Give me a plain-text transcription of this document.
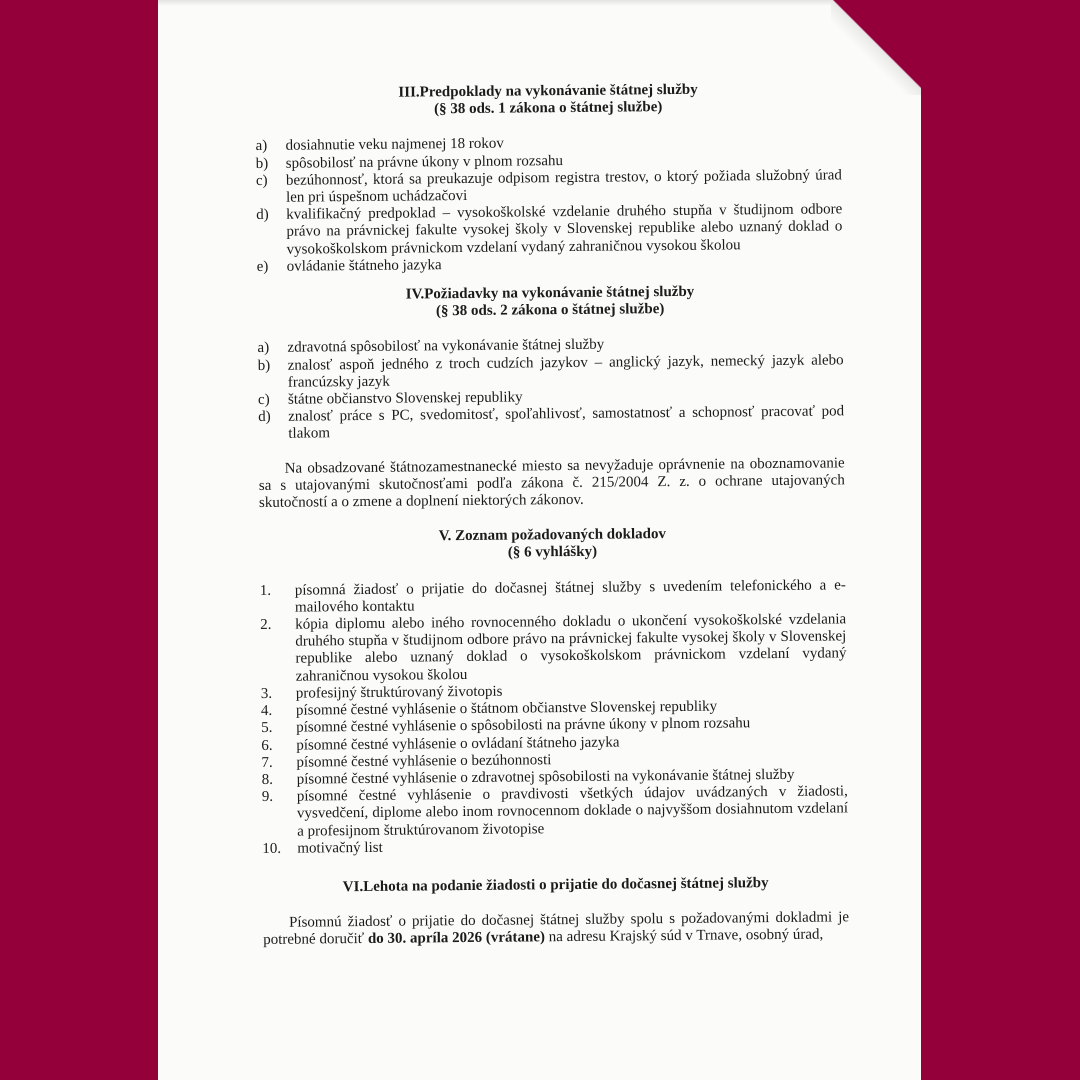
III.Predpoklady na vykonávanie štátnej služby
(§ 38 ods. 1 zákona o štátnej službe)
a) dosiahnutie veku najmenej 18 rokov
b) spôsobilosť na právne úkony v plnom rozsahu
c) bezúhonnosť, ktorá sa preukazuje odpisom registra trestov, o ktorý požiada služobný úrad len pri úspešnom uchádzačovi
d) kvalifikačný predpoklad – vysokoškolské vzdelanie druhého stupňa v študijnom odbore právo na právnickej fakulte vysokej školy v Slovenskej republike alebo uznaný doklad o vysokoškolskom právnickom vzdelaní vydaný zahraničnou vysokou školou
e) ovládanie štátneho jazyka
IV.Požiadavky na vykonávanie štátnej služby
(§ 38 ods. 2 zákona o štátnej službe)
a) zdravotná spôsobilosť na vykonávanie štátnej služby
b) znalosť aspoň jedného z troch cudzích jazykov – anglický jazyk, nemecký jazyk alebo francúzsky jazyk
c) štátne občianstvo Slovenskej republiky
d) znalosť práce s PC, svedomitosť, spoľahlivosť, samostatnosť a schopnosť pracovať pod tlakom
Na obsadzované štátnozamestnanecké miesto sa nevyžaduje oprávnenie na oboznamovanie sa s utajovanými skutočnosťami podľa zákona č. 215/2004 Z. z. o ochrane utajovaných skutočností a o zmene a doplnení niektorých zákonov.
V. Zoznam požadovaných dokladov
(§ 6 vyhlášky)
1. písomná žiadosť o prijatie do dočasnej štátnej služby s uvedením telefonického a e-mailového kontaktu
2. kópia diplomu alebo iného rovnocenného dokladu o ukončení vysokoškolské vzdelania druhého stupňa v študijnom odbore právo na právnickej fakulte vysokej školy v Slovenskej republike alebo uznaný doklad o vysokoškolskom právnickom vzdelaní vydaný zahraničnou vysokou školou
3. profesijný štruktúrovaný životopis
4. písomné čestné vyhlásenie o štátnom občianstve Slovenskej republiky
5. písomné čestné vyhlásenie o spôsobilosti na právne úkony v plnom rozsahu
6. písomné čestné vyhlásenie o ovládaní štátneho jazyka
7. písomné čestné vyhlásenie o bezúhonnosti
8. písomné čestné vyhlásenie o zdravotnej spôsobilosti na vykonávanie štátnej služby
9. písomné čestné vyhlásenie o pravdivosti všetkých údajov uvádzaných v žiadosti, vysvedčení, diplome alebo inom rovnocennom doklade o najvyššom dosiahnutom vzdelaní a profesijnom štruktúrovanom životopise
10. motivačný list
VI.Lehota na podanie žiadosti o prijatie do dočasnej štátnej služby
Písomnú žiadosť o prijatie do dočasnej štátnej služby spolu s požadovanými dokladmi je potrebné doručiť do 30. apríla 2026 (vrátane) na adresu Krajský súd v Trnave, osobný úrad,
